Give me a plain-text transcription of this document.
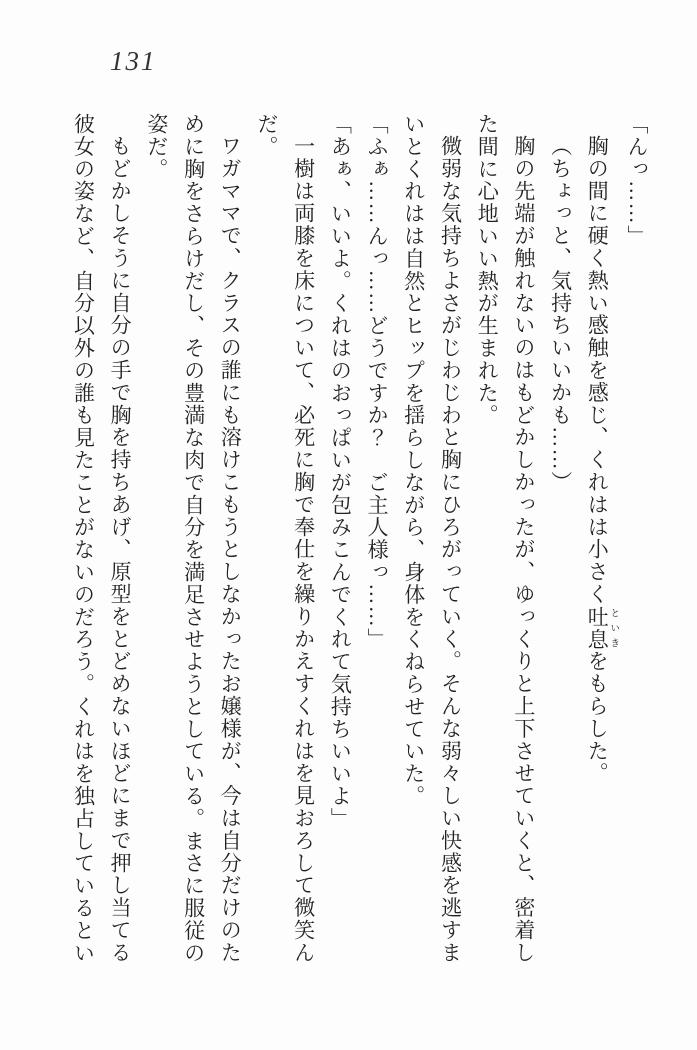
131

「んっ……」

胸の間に硬く熱い感触を感じ、くれはは小さく吐息 といきをもらした。

（ちょっと、気持ちいいかも……）

胸の先端が触れないのはもどかしかったが、ゆっくりと上下させていくと、密着し

た間に心地いい熱が生まれた。

微弱な気持ちよさがじわじわと胸にひろがっていく。そんな弱々しい快感を逃すま

いとくれはは自然とヒップを揺らしながら、身体をくねらせていた。

「ふぁ……んっ……どうですか？　ご主人様っ……」

「あぁ、いいよ。くれはのおっぱいが包みこんでくれて気持ちいいよ」

一樹は両膝を床について、必死に胸で奉仕を繰りかえすくれはを見おろして微笑ん

だ。

ワガママで、クラスの誰にも溶けこもうとしなかったお嬢様が、今は自分だけのた

めに胸をさらけだし、その豊満な肉で自分を満足させようとしている。まさに服従の

姿だ。

もどかしそうに自分の手で胸を持ちあげ、原型をとどめないほどにまで押し当てる

彼女の姿など、自分以外の誰も見たことがないのだろう。くれはを独占しているとい
